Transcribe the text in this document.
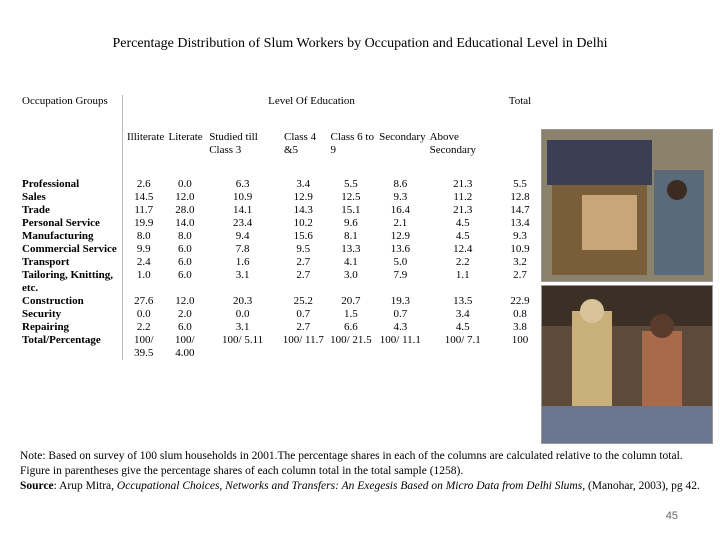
Percentage Distribution of Slum Workers by Occupation and Educational Level in Delhi
Occupation Groups	Level Of Education							Total
	Illiterate	Literate	Studied till Class 3	Class 4 &5	Class 6 to 9	Secondary	Above Secondary	
Professional	2.6	0.0	6.3	3.4	5.5	8.6	21.3	5.5
Sales	14.5	12.0	10.9	12.9	12.5	9.3	11.2	12.8
Trade	11.7	28.0	14.1	14.3	15.1	16.4	21.3	14.7
Personal Service	19.9	14.0	23.4	10.2	9.6	2.1	4.5	13.4
Manufacturing	8.0	8.0	9.4	15.6	8.1	12.9	4.5	9.3
Commercial Service	9.9	6.0	7.8	9.5	13.3	13.6	12.4	10.9
Transport	2.4	6.0	1.6	2.7	4.1	5.0	2.2	3.2
Tailoring, Knitting, etc.	1.0	6.0	3.1	2.7	3.0	7.9	1.1	2.7
Construction	27.6	12.0	20.3	25.2	20.7	19.3	13.5	22.9
Security	0.0	2.0	0.0	0.7	1.5	0.7	3.4	0.8
Repairing	2.2	6.0	3.1	2.7	6.6	4.3	4.5	3.8
Total/Percentage	100/ 39.5	100/ 4.00	100/ 5.11	100/ 11.7	100/ 21.5	100/ 11.1	100/ 7.1	100
Note: Based on survey of 100 slum households in 2001.The percentage shares in each of the columns are calculated relative to the column total. Figure in parentheses give the percentage shares of each column total in the total sample (1258).
Source: Arup Mitra, Occupational Choices, Networks and Transfers: An Exegesis Based on Micro Data from Delhi Slums, (Manohar, 2003), pg 42.
45
